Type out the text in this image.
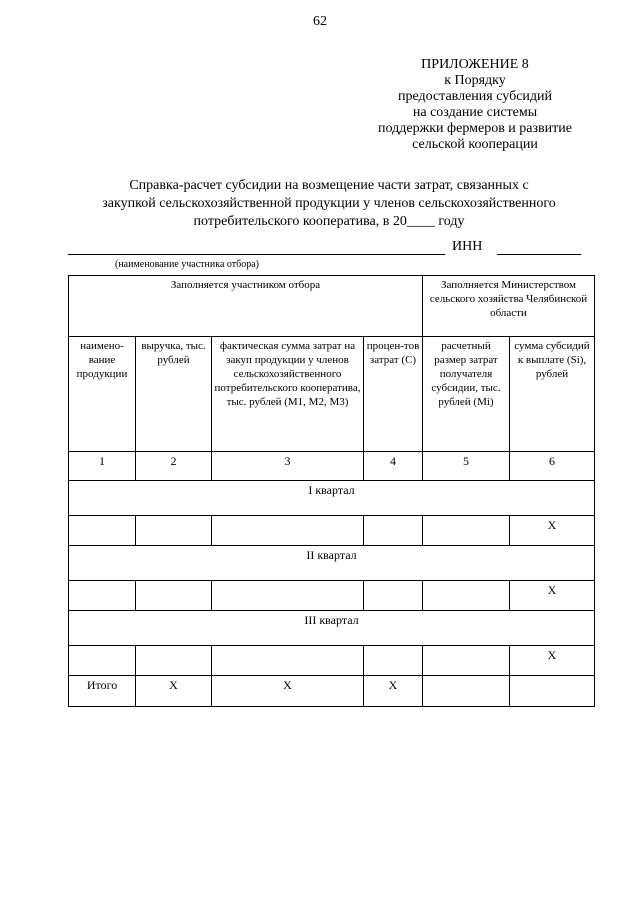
62
ПРИЛОЖЕНИЕ 8
к Порядку
предоставления субсидий
на создание системы
поддержки фермеров и развитие
сельской кооперации
Справка-расчет субсидии на возмещение части затрат, связанных с
закупкой сельскохозяйственной продукции у членов сельскохозяйственного
потребительского кооператива, в 20____ году
ИНН
(наименование участника отбора)
Заполняется участником отбора				Заполняется Министерством сельского хозяйства Челябинской области	
наимено-вание продукции	выручка, тыс. рублей	фактическая сумма затрат на закуп продукции у членов сельскохозяйственного потребительского кооператива, тыс. рублей (M1, M2, M3)	процен-тов затрат (С)	расчетный размер затрат получателя субсидии, тыс. рублей (Mi)	сумма субсидий к выплате (Si), рублей
1	2	3	4	5	6
I квартал					
					Х
II квартал					
					Х
III квартал					
					Х
Итого	Х	Х	Х		
